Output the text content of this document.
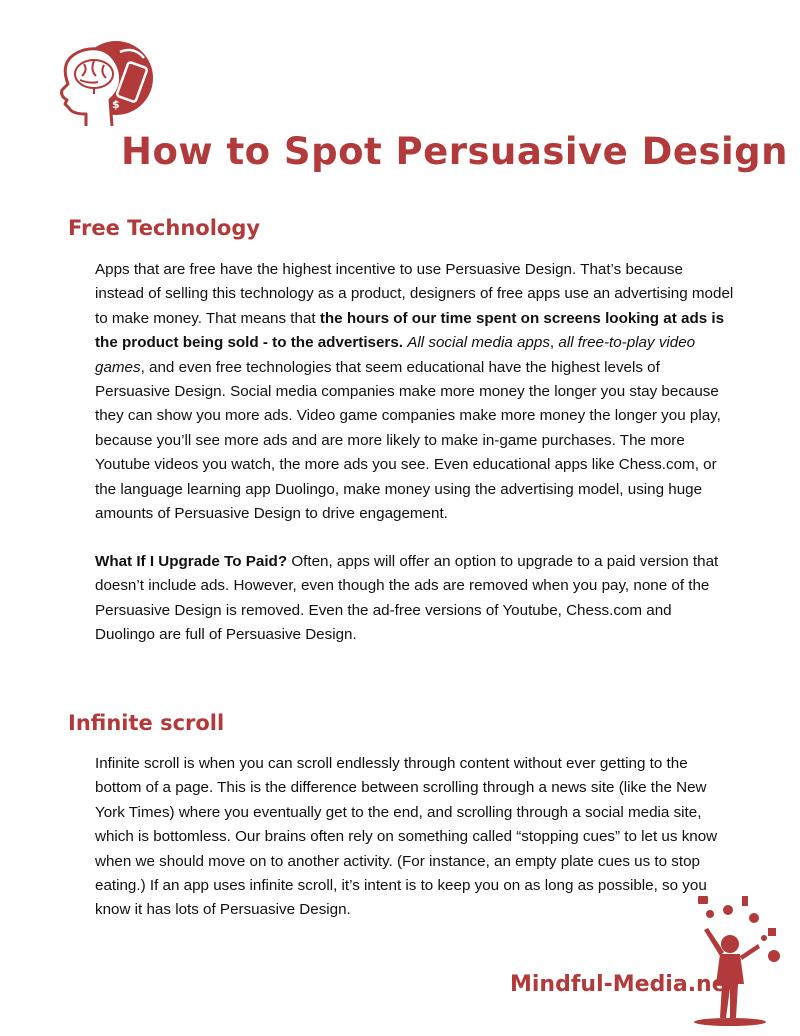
$
How to Spot Persuasive Design
Free Technology

Apps that are free have the highest incentive to use Persuasive Design. That’s because instead of selling this technology as a product, designers of free apps use an advertising model to make money. That means that the hours of our time spent on screens looking at ads is the product being sold - to the advertisers. All social media apps, all free-to-play video games, and even free technologies that seem educational have the highest levels of Persuasive Design. Social media companies make more money the longer you stay because they can show you more ads. Video game companies make more money the longer you play, because you’ll see more ads and are more likely to make in-game purchases. The more Youtube videos you watch, the more ads you see. Even educational apps like Chess.com, or the language learning app Duolingo, make money using the advertising model, using huge amounts of Persuasive Design to drive engagement.

What If I Upgrade To Paid? Often, apps will offer an option to upgrade to a paid version that doesn’t include ads. However, even though the ads are removed when you pay, none of the Persuasive Design is removed. Even the ad-free versions of Youtube, Chess.com and Duolingo are full of Persuasive Design.

Infinite scroll

Infinite scroll is when you can scroll endlessly through content without ever getting to the bottom of a page. This is the difference between scrolling through a news site (like the New York Times) where you eventually get to the end, and scrolling through a social media site, which is bottomless. Our brains often rely on something called “stopping cues” to let us know when we should move on to another activity. (For instance, an empty plate cues us to stop eating.) If an app uses infinite scroll, it’s intent is to keep you on as long as possible, so you know it has lots of Persuasive Design.

Mindful-Media.net
